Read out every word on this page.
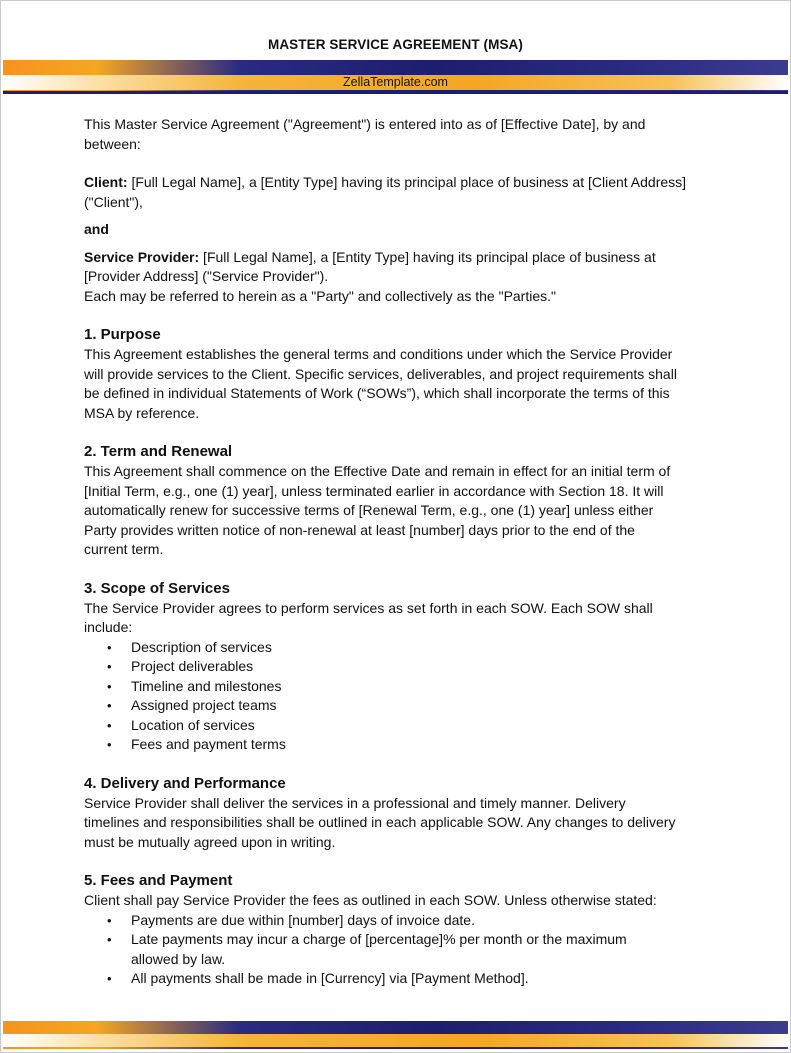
MASTER SERVICE AGREEMENT (MSA)
ZellaTemplate.com

This Master Service Agreement ("Agreement") is entered into as of [Effective Date], by and

between:

Client: [Full Legal Name], a [Entity Type] having its principal place of business at [Client Address]

("Client"),

and

Service Provider: [Full Legal Name], a [Entity Type] having its principal place of business at

[Provider Address] ("Service Provider").

Each may be referred to herein as a "Party" and collectively as the "Parties."

1. Purpose

This Agreement establishes the general terms and conditions under which the Service Provider

will provide services to the Client. Specific services, deliverables, and project requirements shall

be defined in individual Statements of Work (“SOWs”), which shall incorporate the terms of this

MSA by reference.

2. Term and Renewal

This Agreement shall commence on the Effective Date and remain in effect for an initial term of

[Initial Term, e.g., one (1) year], unless terminated earlier in accordance with Section 18. It will

automatically renew for successive terms of [Renewal Term, e.g., one (1) year] unless either

Party provides written notice of non-renewal at least [number] days prior to the end of the

current term.

3. Scope of Services

The Service Provider agrees to perform services as set forth in each SOW. Each SOW shall

include:

• Description of services
• Project deliverables
• Timeline and milestones
• Assigned project teams
• Location of services
• Fees and payment terms
4. Delivery and Performance

Service Provider shall deliver the services in a professional and timely manner. Delivery

timelines and responsibilities shall be outlined in each applicable SOW. Any changes to delivery

must be mutually agreed upon in writing.

5. Fees and Payment

Client shall pay Service Provider the fees as outlined in each SOW. Unless otherwise stated:

• Payments are due within [number] days of invoice date.
• Late payments may incur a charge of [percentage]% per month or the maximum allowed by law.
• All payments shall be made in [Currency] via [Payment Method].
